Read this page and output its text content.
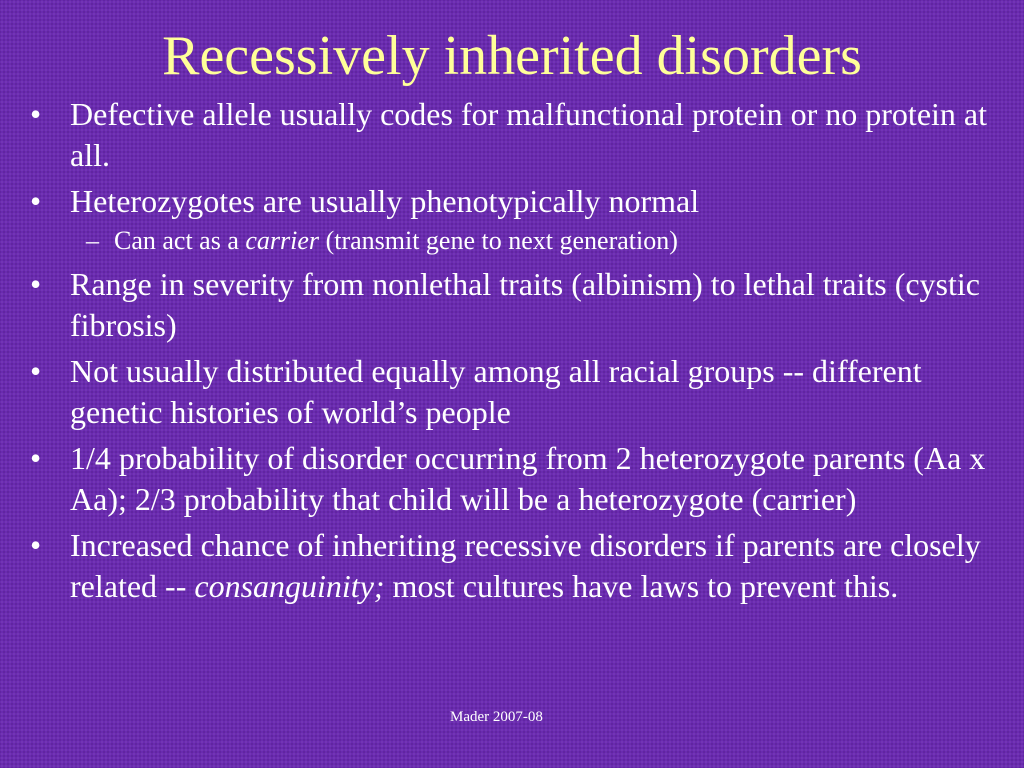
Recessively inherited disorders
• Defective allele usually codes for malfunctional protein or no protein at all.
• Heterozygotes are usually phenotypically normal
– Can act as a carrier (transmit gene to next generation)
• Range in severity from nonlethal traits (albinism) to lethal traits (cystic fibrosis)
• Not usually distributed equally among all racial groups -- different genetic histories of world’s people
• 1/4 probability of disorder occurring from 2 heterozygote parents (Aa x Aa); 2/3 probability that child will be a heterozygote (carrier)
• Increased chance of inheriting recessive disorders if parents are closely related -- consanguinity; most cultures have laws to prevent this.
Mader 2007-08
